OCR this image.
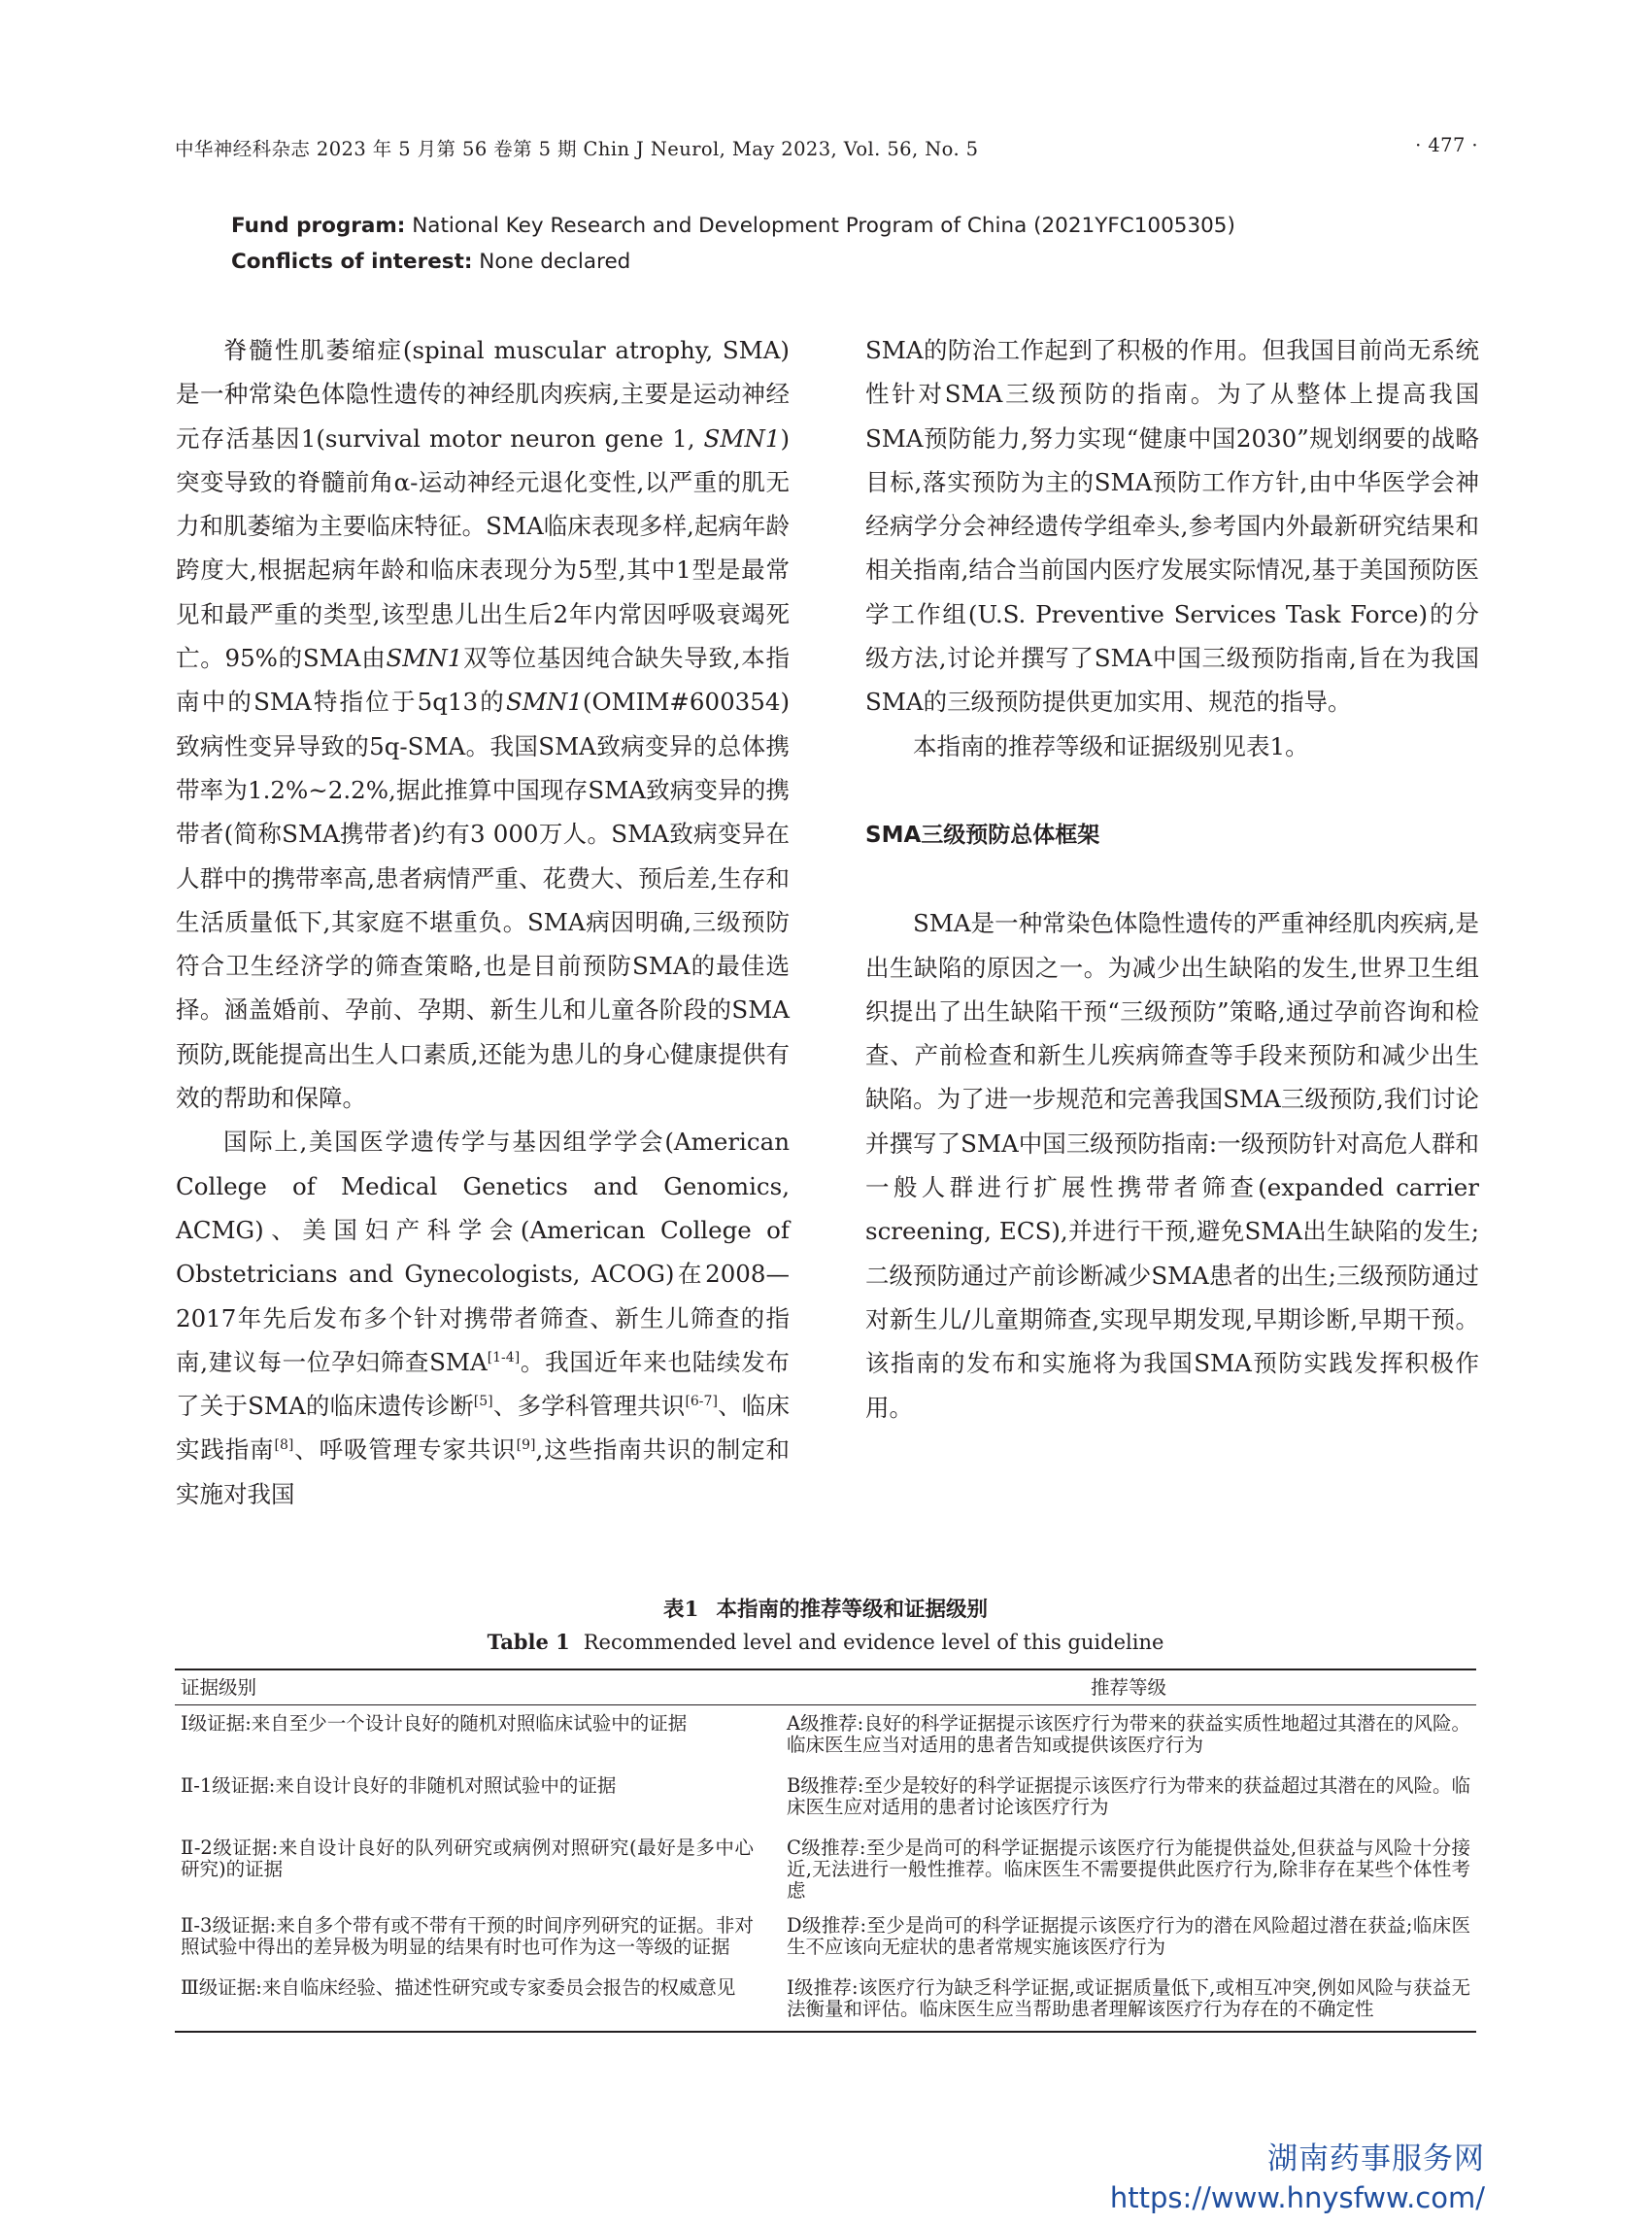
中华神经科杂志 2023 年 5 月第 56 卷第 5 期 Chin J Neurol, May 2023, Vol. 56, No. 5	· 477 ·
Fund program: National Key Research and Development Program of China (2021YFC1005305)
Conflicts of interest: None declared

脊髓性肌萎缩症(spinal muscular atrophy, SMA)是一种常染色体隐性遗传的神经肌肉疾病,主要是运动神经元存活基因1(survival motor neuron gene 1, SMN1)突变导致的脊髓前角α-运动神经元退化变性,以严重的肌无力和肌萎缩为主要临床特征。SMA临床表现多样,起病年龄跨度大,根据起病年龄和临床表现分为5型,其中1型是最常见和最严重的类型,该型患儿出生后2年内常因呼吸衰竭死亡。95%的SMA由SMN1双等位基因纯合缺失导致,本指南中的SMA特指位于5q13的SMN1(OMIM#600354)致病性变异导致的5q-SMA。我国SMA致病变异的总体携带率为1.2%~2.2%,据此推算中国现存SMA致病变异的携带者(简称SMA携带者)约有3 000万人。SMA致病变异在人群中的携带率高,患者病情严重、花费大、预后差,生存和生活质量低下,其家庭不堪重负。SMA病因明确,三级预防符合卫生经济学的筛查策略,也是目前预防SMA的最佳选择。涵盖婚前、孕前、孕期、新生儿和儿童各阶段的SMA预防,既能提高出生人口素质,还能为患儿的身心健康提供有效的帮助和保障。

国际上,美国医学遗传学与基因组学学会(American College of Medical Genetics and Genomics, ACMG)、美国妇产科学会(American College of Obstetricians and Gynecologists, ACOG)在2008—2017年先后发布多个针对携带者筛查、新生儿筛查的指南,建议每一位孕妇筛查SMA[1-4]。我国近年来也陆续发布了关于SMA的临床遗传诊断[5]、多学科管理共识[6-7]、临床实践指南[8]、呼吸管理专家共识[9],这些指南共识的制定和实施对我国

SMA的防治工作起到了积极的作用。但我国目前尚无系统性针对SMA三级预防的指南。为了从整体上提高我国SMA预防能力,努力实现“健康中国2030”规划纲要的战略目标,落实预防为主的SMA预防工作方针,由中华医学会神经病学分会神经遗传学组牵头,参考国内外最新研究结果和相关指南,结合当前国内医疗发展实际情况,基于美国预防医学工作组(U.S. Preventive Services Task Force)的分级方法,讨论并撰写了SMA中国三级预防指南,旨在为我国SMA的三级预防提供更加实用、规范的指导。

本指南的推荐等级和证据级别见表1。

SMA三级预防总体框架

SMA是一种常染色体隐性遗传的严重神经肌肉疾病,是出生缺陷的原因之一。为减少出生缺陷的发生,世界卫生组织提出了出生缺陷干预“三级预防”策略,通过孕前咨询和检查、产前检查和新生儿疾病筛查等手段来预防和减少出生缺陷。为了进一步规范和完善我国SMA三级预防,我们讨论并撰写了SMA中国三级预防指南:一级预防针对高危人群和一般人群进行扩展性携带者筛查(expanded carrier screening, ECS),并进行干预,避免SMA出生缺陷的发生;二级预防通过产前诊断减少SMA患者的出生;三级预防通过对新生儿/儿童期筛查,实现早期发现,早期诊断,早期干预。该指南的发布和实施将为我国SMA预防实践发挥积极作用。

表1 本指南的推荐等级和证据级别
Table 1 Recommended level and evidence level of this guideline
证据级别	推荐等级
Ⅰ级证据:来自至少一个设计良好的随机对照临床试验中的证据	A级推荐:良好的科学证据提示该医疗行为带来的获益实质性地超过其潜在的风险。临床医生应当对适用的患者告知或提供该医疗行为
Ⅱ-1级证据:来自设计良好的非随机对照试验中的证据	B级推荐:至少是较好的科学证据提示该医疗行为带来的获益超过其潜在的风险。临床医生应对适用的患者讨论该医疗行为
Ⅱ-2级证据:来自设计良好的队列研究或病例对照研究(最好是多中心研究)的证据	C级推荐:至少是尚可的科学证据提示该医疗行为能提供益处,但获益与风险十分接近,无法进行一般性推荐。临床医生不需要提供此医疗行为,除非存在某些个体性考虑
Ⅱ-3级证据:来自多个带有或不带有干预的时间序列研究的证据。非对照试验中得出的差异极为明显的结果有时也可作为这一等级的证据	D级推荐:至少是尚可的科学证据提示该医疗行为的潜在风险超过潜在获益;临床医生不应该向无症状的患者常规实施该医疗行为
Ⅲ级证据:来自临床经验、描述性研究或专家委员会报告的权威意见	I级推荐:该医疗行为缺乏科学证据,或证据质量低下,或相互冲突,例如风险与获益无法衡量和评估。临床医生应当帮助患者理解该医疗行为存在的不确定性
湖南药事服务网
https://www.hnysfww.com/
